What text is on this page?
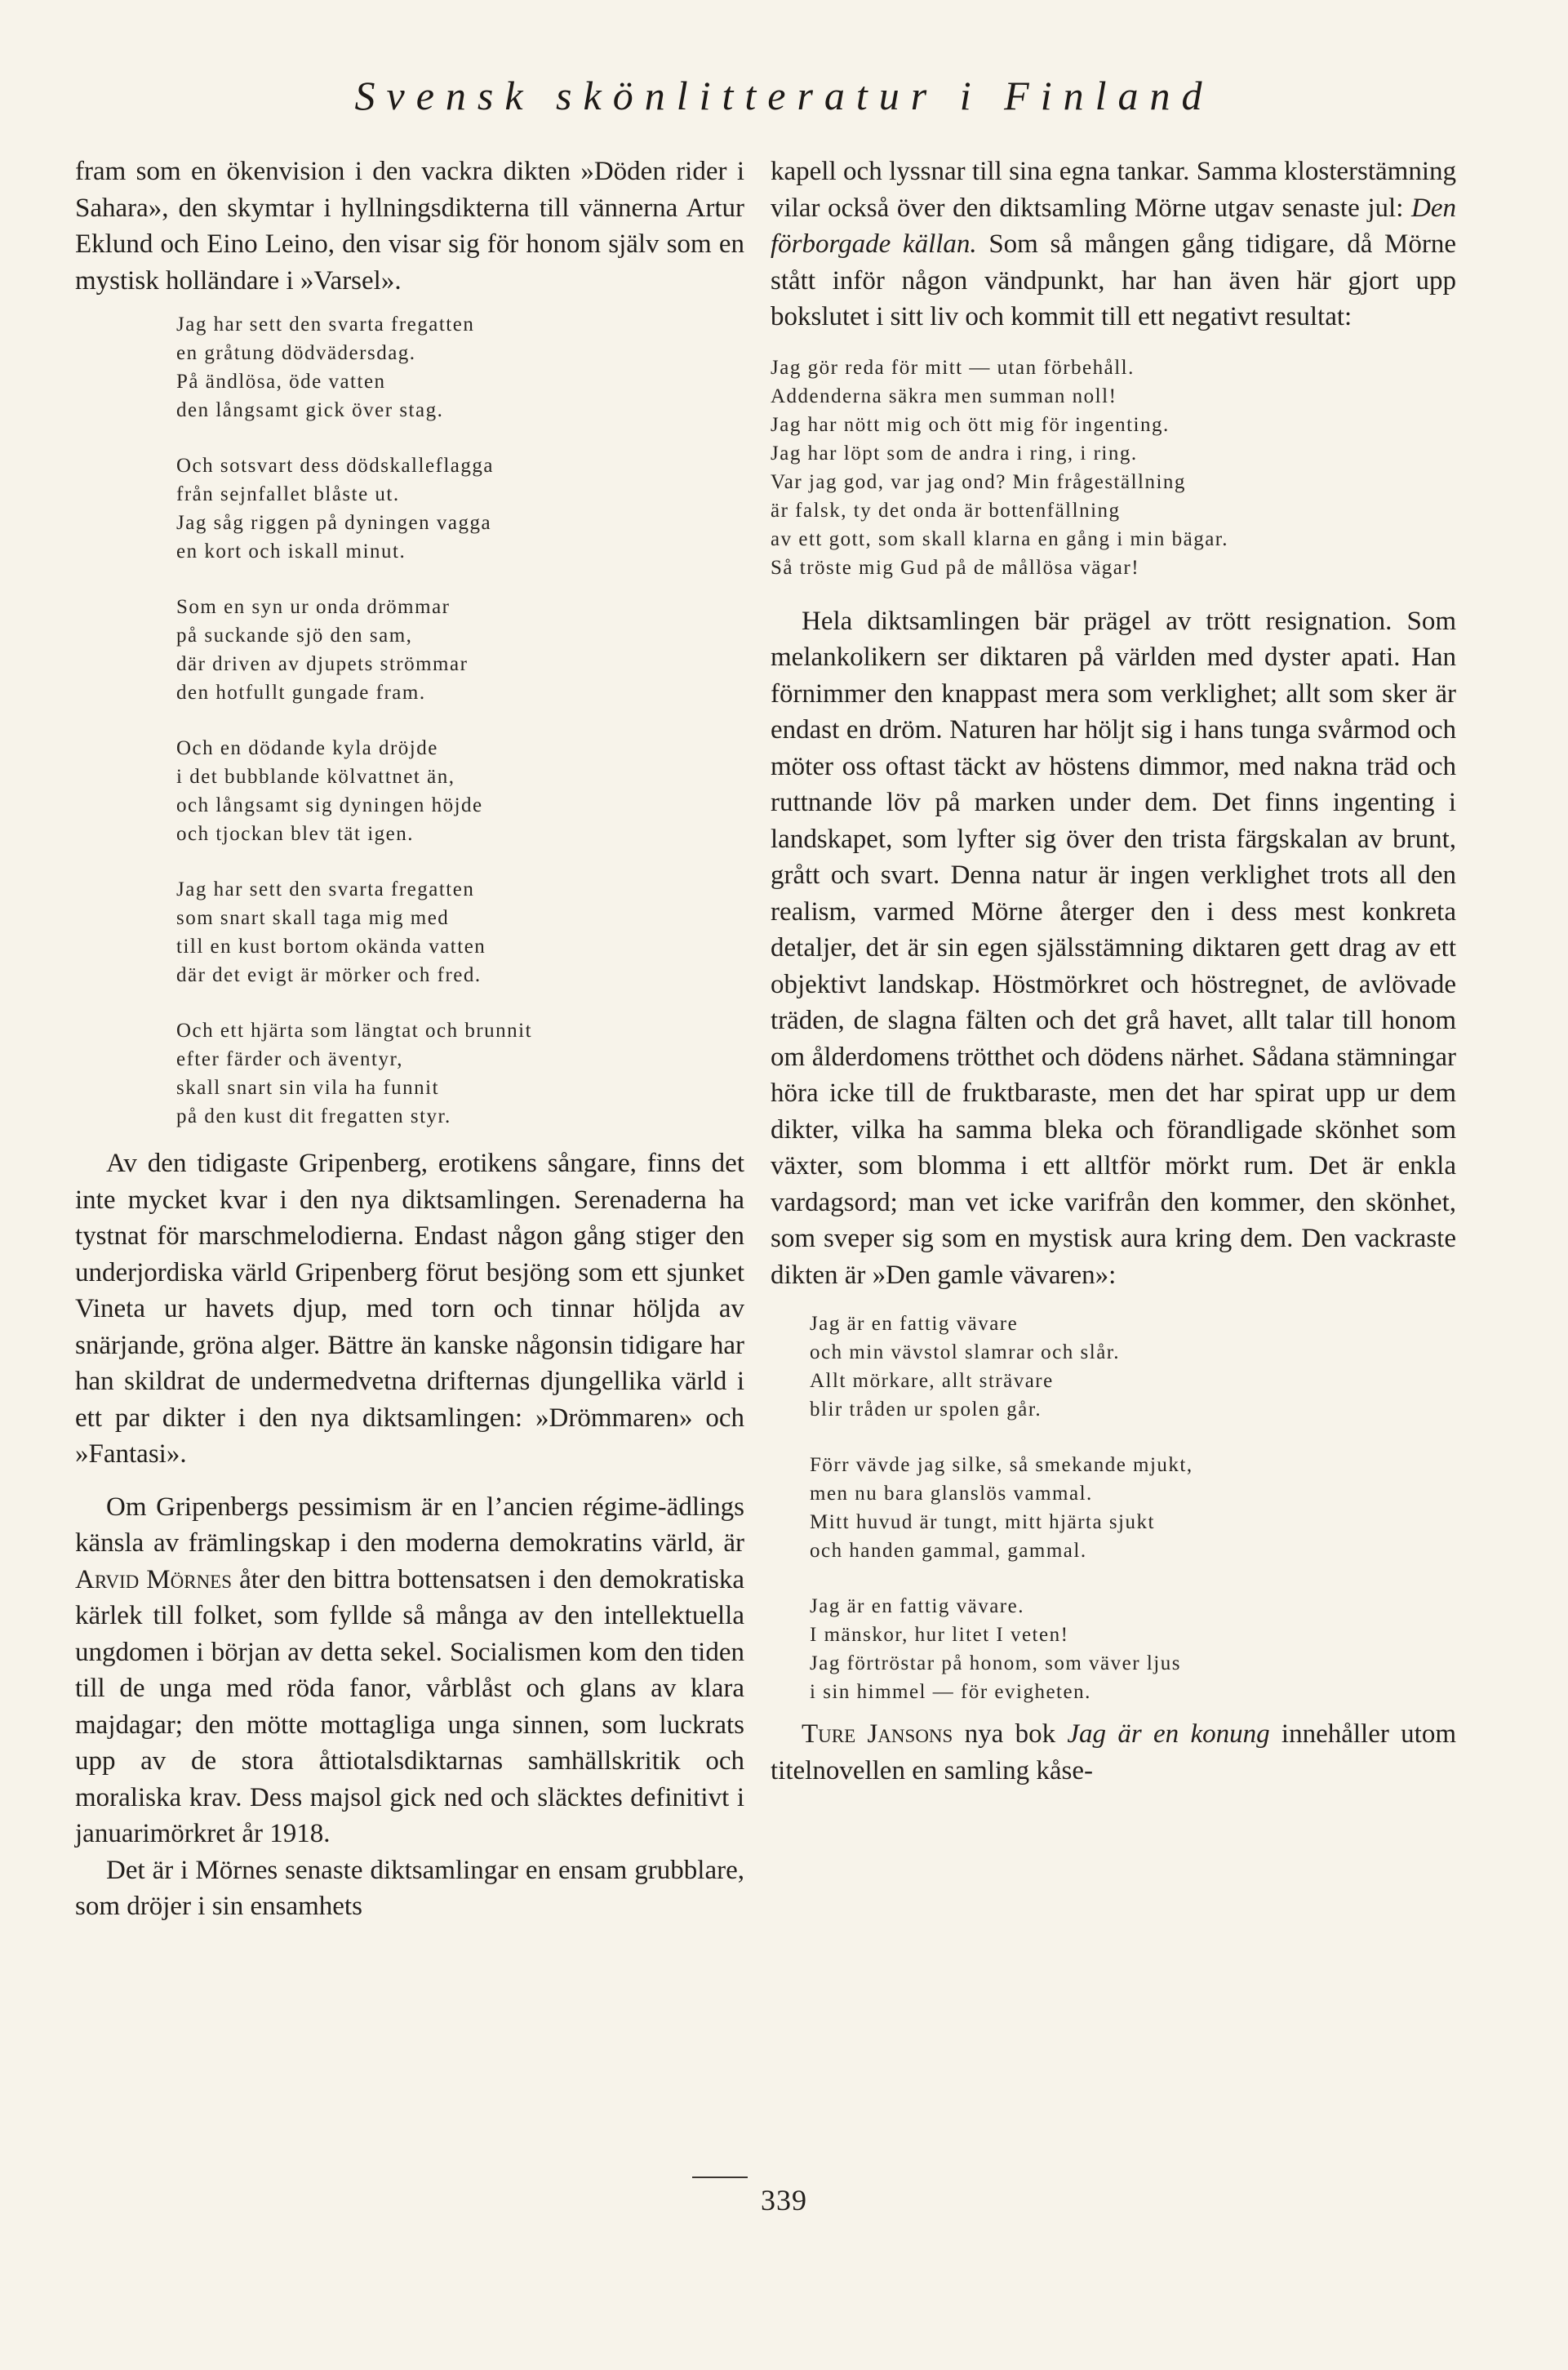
Svensk skönlitteratur i Finland

fram som en ökenvision i den vackra dikten »Döden rider i Sahara», den skymtar i hyllningsdikterna till vännerna Artur Eklund och Eino Leino, den visar sig för honom själv som en mystisk holländare i »Varsel».

Jag har sett den svarta fregatten
en gråtung dödvädersdag.
På ändlösa, öde vatten
den långsamt gick över stag.
Och sotsvart dess dödskalleflagga
från sejnfallet blåste ut.
Jag såg riggen på dyningen vagga
en kort och iskall minut.
Som en syn ur onda drömmar
på suckande sjö den sam,
där driven av djupets strömmar
den hotfullt gungade fram.
Och en dödande kyla dröjde
i det bubblande kölvattnet än,
och långsamt sig dyningen höjde
och tjockan blev tät igen.
Jag har sett den svarta fregatten
som snart skall taga mig med
till en kust bortom okända vatten
där det evigt är mörker och fred.
Och ett hjärta som längtat och brunnit
efter färder och äventyr,
skall snart sin vila ha funnit
på den kust dit fregatten styr.

Av den tidigaste Gripenberg, erotikens sångare, finns det inte mycket kvar i den nya diktsamlingen. Serenaderna ha tystnat för marschmelodierna. Endast någon gång stiger den underjordiska värld Gripenberg förut besjöng som ett sjunket Vineta ur havets djup, med torn och tinnar höljda av snärjande, gröna alger. Bättre än kanske någonsin tidigare har han skildrat de undermedvetna drifternas djungellika värld i ett par dikter i den nya diktsamlingen: »Drömmaren» och »Fantasi».

Om Gripenbergs pessimism är en l’ancien régime-ädlings känsla av främlingskap i den moderna demokratins värld, är Arvid Mörnes åter den bittra bottensatsen i den demokratiska kärlek till folket, som fyllde så många av den intellektuella ungdomen i början av detta sekel. Socialismen kom den tiden till de unga med röda fanor, vårblåst och glans av klara majdagar; den mötte mottagliga unga sinnen, som luckrats upp av de stora åttiotalsdiktarnas samhällskritik och moraliska krav. Dess majsol gick ned och släcktes definitivt i januarimörkret år 1918.

Det är i Mörnes senaste diktsamlingar en ensam grubblare, som dröjer i sin ensamhets

kapell och lyssnar till sina egna tankar. Samma klosterstämning vilar också över den diktsamling Mörne utgav senaste jul: Den förborgade källan. Som så mången gång tidigare, då Mörne stått inför någon vändpunkt, har han även här gjort upp bokslutet i sitt liv och kommit till ett negativt resultat:

Jag gör reda för mitt — utan förbehåll.
Addenderna säkra men summan noll!
Jag har nött mig och ött mig för ingenting.
Jag har löpt som de andra i ring, i ring.
Var jag god, var jag ond? Min frågeställning
är falsk, ty det onda är bottenfällning
av ett gott, som skall klarna en gång i min bägar.
Så tröste mig Gud på de mållösa vägar!

Hela diktsamlingen bär prägel av trött resignation. Som melankolikern ser diktaren på världen med dyster apati. Han förnimmer den knappast mera som verklighet; allt som sker är endast en dröm. Naturen har höljt sig i hans tunga svårmod och möter oss oftast täckt av höstens dimmor, med nakna träd och ruttnande löv på marken under dem. Det finns ingenting i landskapet, som lyfter sig över den trista färgskalan av brunt, grått och svart. Denna natur är ingen verklighet trots all den realism, varmed Mörne återger den i dess mest konkreta detaljer, det är sin egen själsstämning diktaren gett drag av ett objektivt landskap. Höstmörkret och höstregnet, de avlövade träden, de slagna fälten och det grå havet, allt talar till honom om ålderdomens trötthet och dödens närhet. Sådana stämningar höra icke till de fruktbaraste, men det har spirat upp ur dem dikter, vilka ha samma bleka och förandligade skönhet som växter, som blomma i ett alltför mörkt rum. Det är enkla vardagsord; man vet icke varifrån den kommer, den skönhet, som sveper sig som en mystisk aura kring dem. Den vackraste dikten är »Den gamle vävaren»:

Jag är en fattig vävare
och min vävstol slamrar och slår.
Allt mörkare, allt strävare
blir tråden ur spolen går.
Förr vävde jag silke, så smekande mjukt,
men nu bara glanslös vammal.
Mitt huvud är tungt, mitt hjärta sjukt
och handen gammal, gammal.
Jag är en fattig vävare.
I mänskor, hur litet I veten!
Jag förtröstar på honom, som väver ljus
i sin himmel — för evigheten.

Ture Jansons nya bok Jag är en konung innehåller utom titelnovellen en samling kåse-

339
